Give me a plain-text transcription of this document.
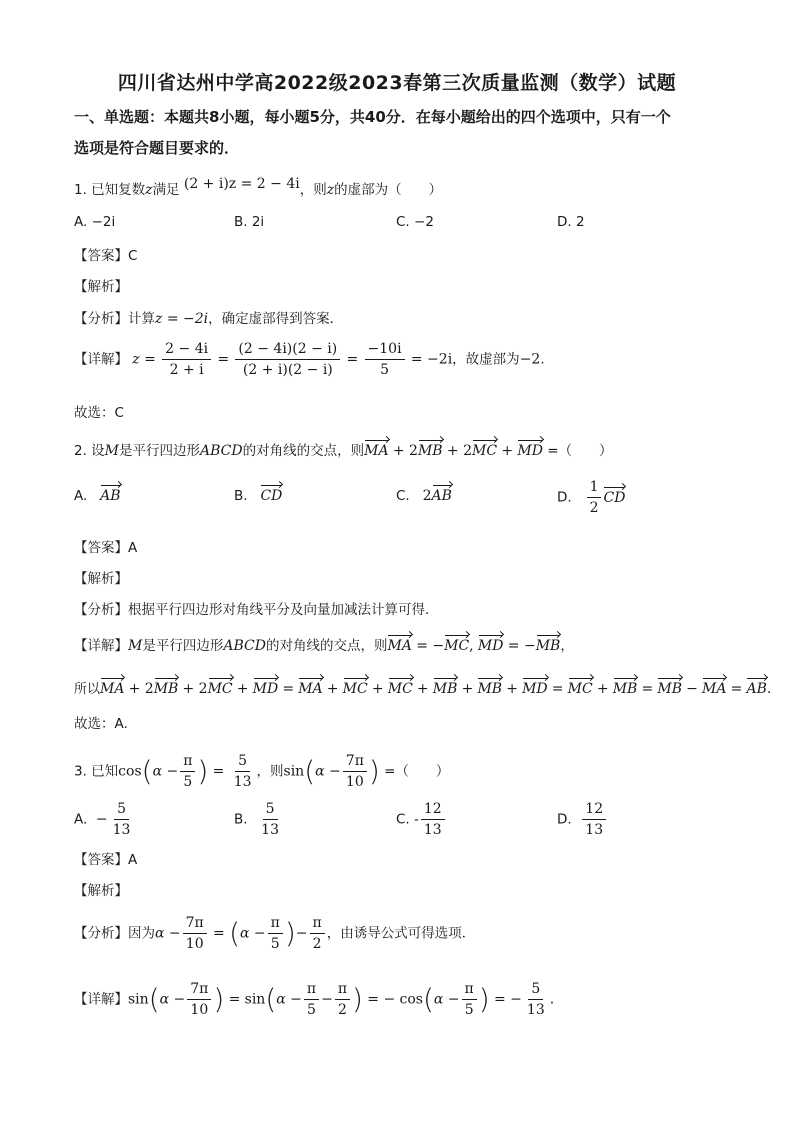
四川省达州中学高2022级2023春第三次质量监测（数学）试题
一、单选题：本题共8小题，每小题5分，共40分．在每小题给出的四个选项中，只有一个
选项是符合题目要求的．
1. 已知复数z满足 (2 + i)z = 2 − 4i，则z的虚部为（　　）
A. −2i	B. 2i	C. −2	D. 2
【答案】C
【解析】
【分析】计算z = −2i，确定虚部得到答案．
【详解】 $z = \frac{2 - 4i}{2 + i} = \frac{(2 - 4i)(2 - i)}{(2 + i)(2 - i)} = \frac{-10i}{5} = -2i$，故虚部为−2.
故选：C
2. 设M是平行四边形ABCD的对角线的交点，则MA + 2MB + 2MC + MD =（　　）
A. AB	B. CD	C. 2AB	D. $\frac{1}{2}$ CD
【答案】A
【解析】
【分析】根据平行四边形对角线平分及向量加减法计算可得．
【详解】M是平行四边形ABCD的对角线的交点，则MA = −MC, MD = −MB，
所以MA + 2MB + 2MC + MD = MA + MC + MC + MB + MB + MD = MC + MB = MB − MA = AB.
故选：A.
3. 已知$\cos(\alpha - \frac{\pi}{5}$ ) = $\frac{5}{13}$ ，则$\sin(\alpha - \frac{7\pi}{10}$ ) =（　　）
A. − $\frac{5}{13}$	B. $\frac{5}{13}$	C. - $\frac{12}{13}$	D. $\frac{12}{13}$
【答案】A
【解析】
【分析】因为$\alpha - \frac{7\pi}{10} = (\alpha - \frac{\pi}{5}$ )− $\frac{\pi}{2}$ ，由诱导公式可得选项．
【详解】$\sin(\alpha - \frac{7\pi}{10}$ ) = $\sin(\alpha - \frac{\pi}{5} - \frac{\pi}{2}$ ) = − $\cos(\alpha - \frac{\pi}{5}$ ) = − $\frac{5}{13}$ .
